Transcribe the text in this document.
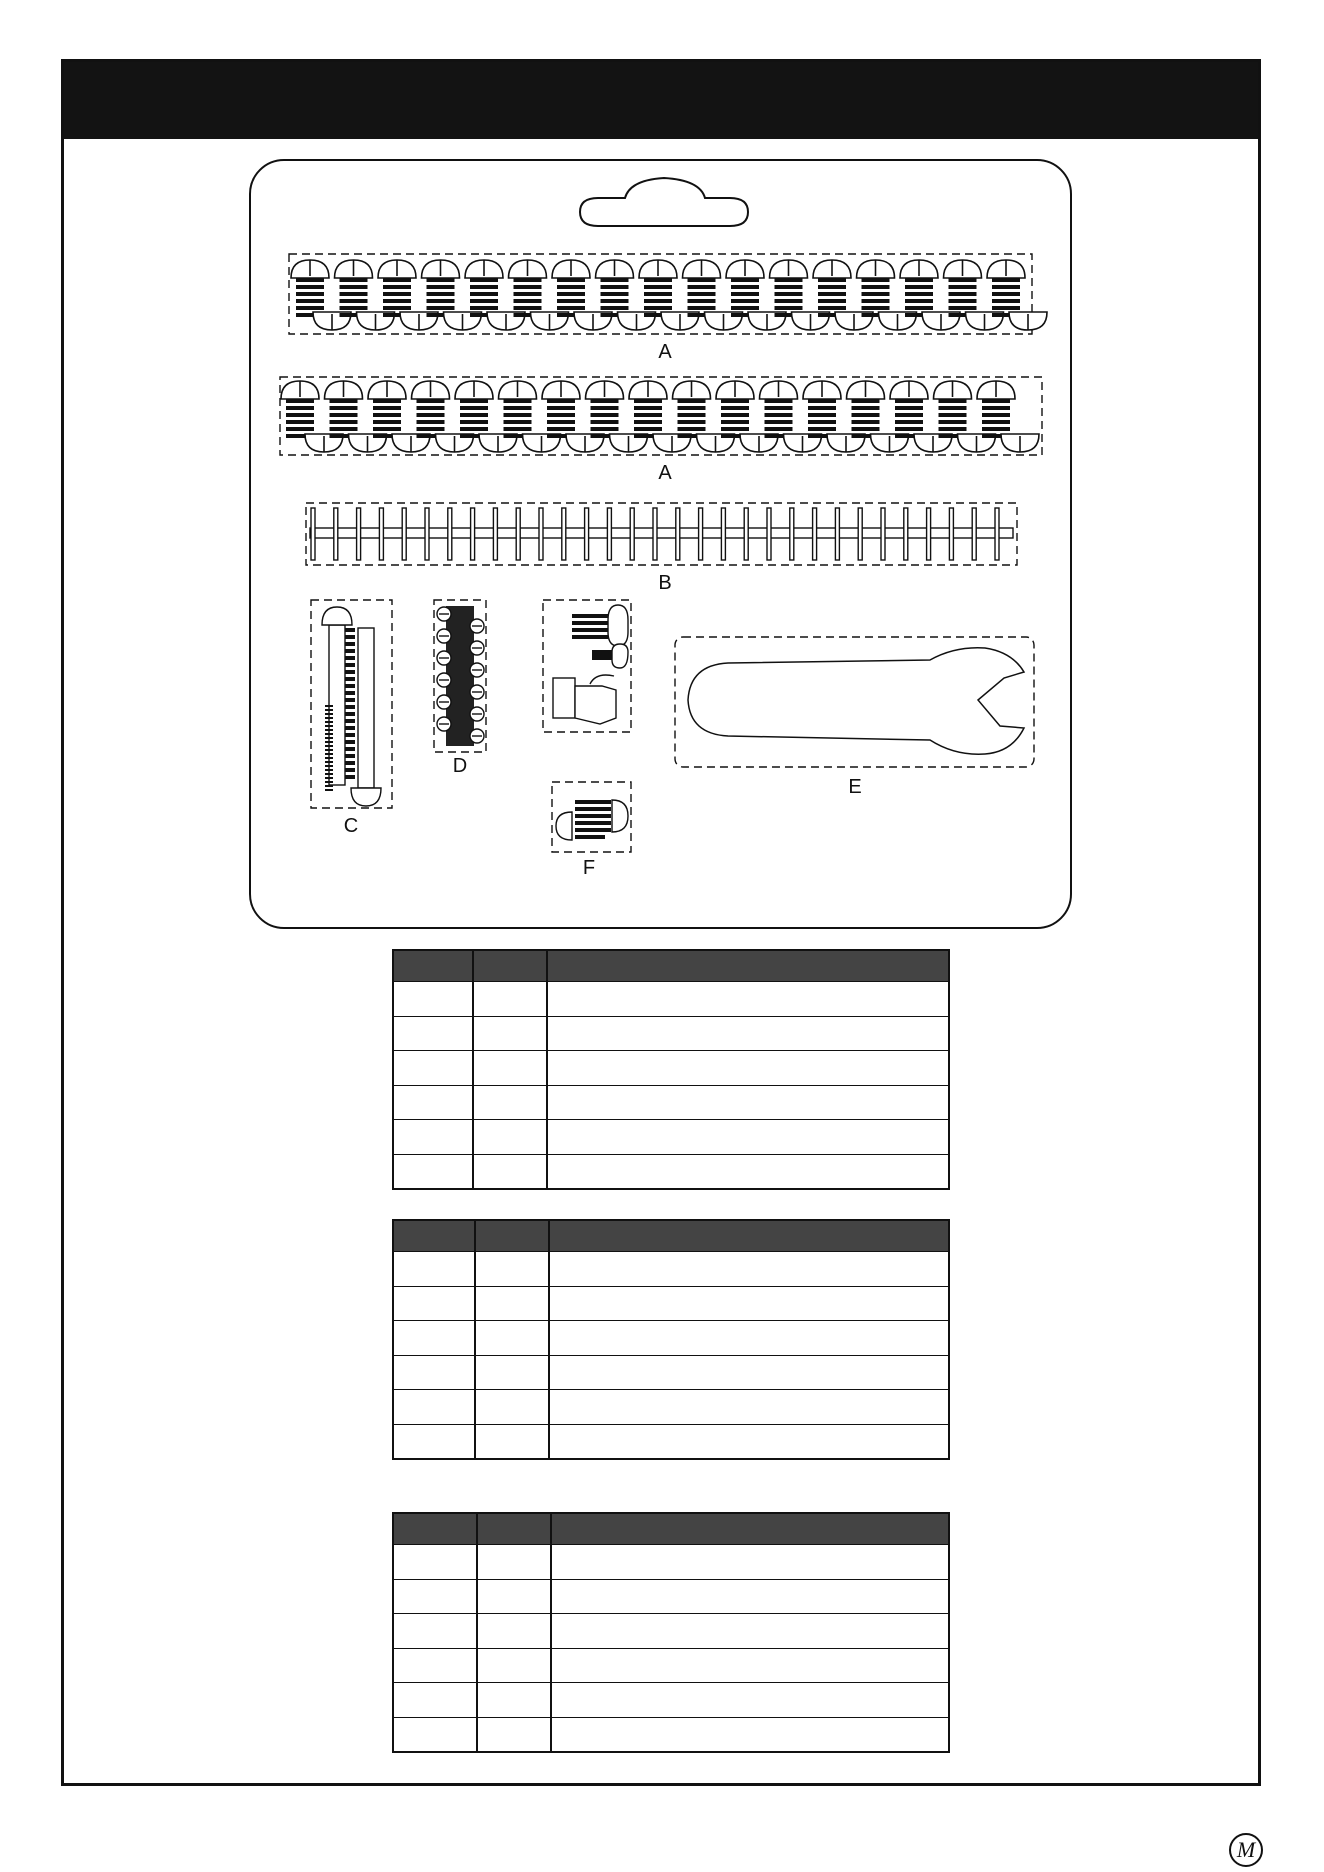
A
A
B
C
D
E
F

M
